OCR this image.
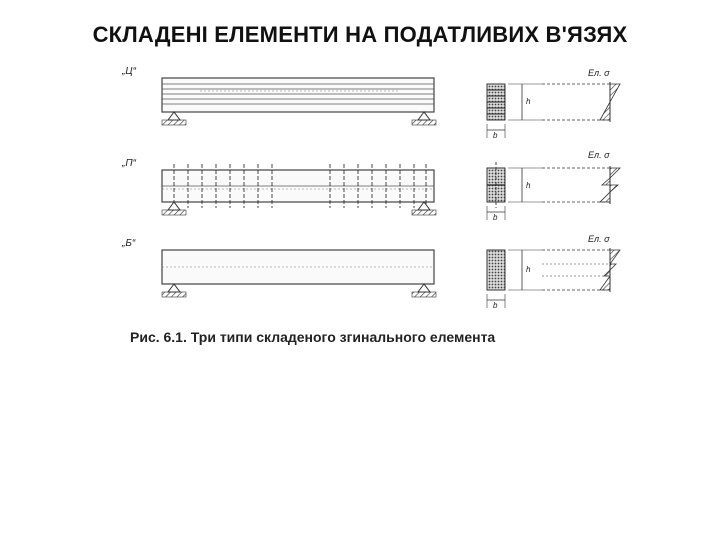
СКЛАДЕНІ ЕЛЕМЕНТИ НА ПОДАТЛИВИХ В'ЯЗЯХ
„Ц“
h
b
Ел. σ
„П“
h
b
Ел. σ
„Б“
h
b
Ел. σ
Рис. 6.1. Три типи складеного згинального елемента
